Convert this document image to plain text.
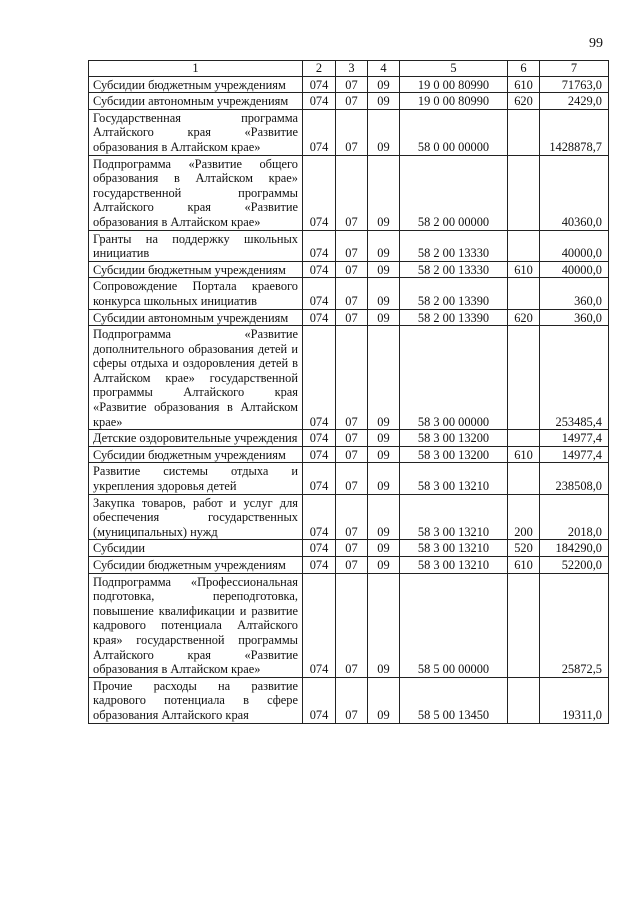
99
1	2	3	4	5	6	7
Субсидии бюджетным учреждениям	074	07	09	19 0 00 80990	610	71763,0
Субсидии автономным учреждениям	074	07	09	19 0 00 80990	620	2429,0
Государственная программа Алтайского края «Развитие образования в Алтайском крае»	074	07	09	58 0 00 00000		1428878,7
Подпрограмма «Развитие общего образования в Алтайском крае» государственной программы Алтайского края «Развитие образования в Алтайском крае»	074	07	09	58 2 00 00000		40360,0
Гранты на поддержку школьных инициатив	074	07	09	58 2 00 13330		40000,0
Субсидии бюджетным учреждениям	074	07	09	58 2 00 13330	610	40000,0
Сопровождение Портала краевого конкурса школьных инициатив	074	07	09	58 2 00 13390		360,0
Субсидии автономным учреждениям	074	07	09	58 2 00 13390	620	360,0
Подпрограмма «Развитие дополнительного образования детей и сферы отдыха и оздоровления детей в Алтайском крае» государственной программы Алтайского края «Развитие образования в Алтайском крае»	074	07	09	58 3 00 00000		253485,4
Детские оздоровительные учреждения	074	07	09	58 3 00 13200		14977,4
Субсидии бюджетным учреждениям	074	07	09	58 3 00 13200	610	14977,4
Развитие системы отдыха и укрепления здоровья детей	074	07	09	58 3 00 13210		238508,0
Закупка товаров, работ и услуг для обеспечения государственных (муниципальных) нужд	074	07	09	58 3 00 13210	200	2018,0
Субсидии	074	07	09	58 3 00 13210	520	184290,0
Субсидии бюджетным учреждениям	074	07	09	58 3 00 13210	610	52200,0
Подпрограмма «Профессиональная подготовка, переподготовка, повышение квалификации и развитие кадрового потенциала Алтайского края» государственной программы Алтайского края «Развитие образования в Алтайском крае»	074	07	09	58 5 00 00000		25872,5
Прочие расходы на развитие кадрового потенциала в сфере образования Алтайского края	074	07	09	58 5 00 13450		19311,0
